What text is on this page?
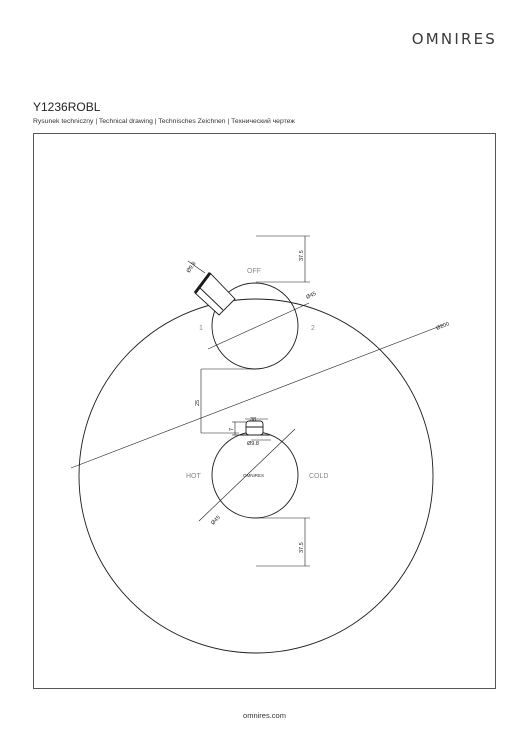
OMNIRES
Y1236ROBL
Rysunek techniczny | Technical drawing | Technisches Zeichnen | Технический чертеж
OFF
1	2
HOT	COLD
OMNIRES
37.5
37.5
Ø45
Ø45
Ø200
25
Ø9.8
7
38
Ø9.8
omnires.com
